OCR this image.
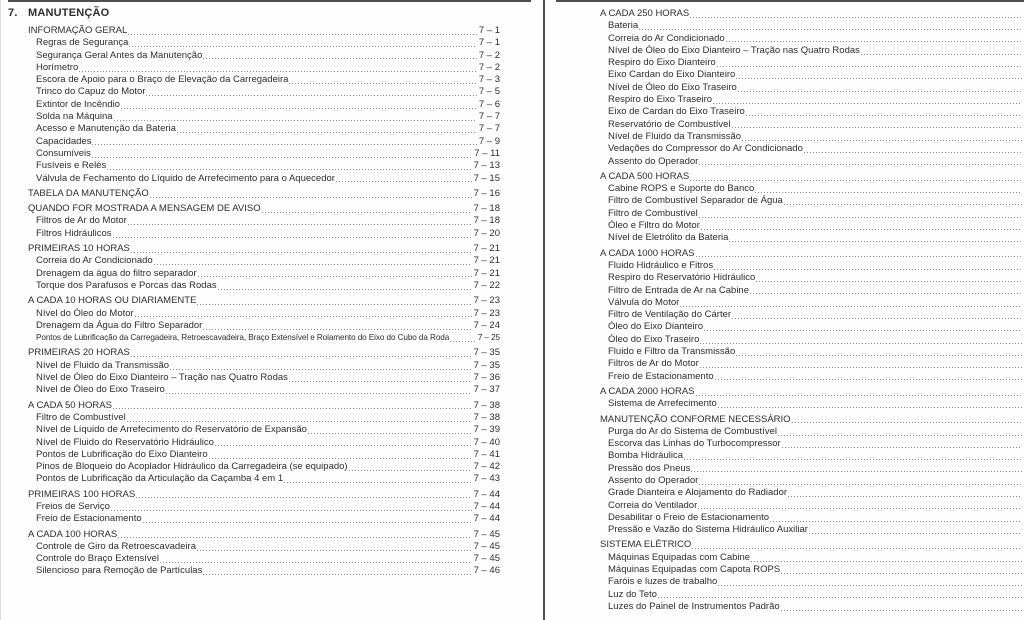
7. MANUTENÇÃO
INFORMAÇÃO GERAL	7 – 1
Regras de Segurança	7 – 1
Segurança Geral Antes da Manutenção	7 – 2
Horímetro	7 – 2
Escora de Apoio para o Braço de Elevação da Carregadeira	7 – 3
Trinco do Capuz do Motor	7 – 5
Extintor de Incêndio	7 – 6
Solda na Máquina	7 – 7
Acesso e Manutenção da Bateria	7 – 7
Capacidades	7 – 9
Consumíveis	7 – 11
Fusíveis e Relés	7 – 13
Válvula de Fechamento do Líquido de Arrefecimento para o Aquecedor	7 – 15
TABELA DA MANUTENÇÃO	7 – 16
QUANDO FOR MOSTRADA A MENSAGEM DE AVISO	7 – 18
Filtros de Ar do Motor	7 – 18
Filtros Hidráulicos	7 – 20
PRIMEIRAS 10 HORAS	7 – 21
Correia do Ar Condicionado	7 – 21
Drenagem da água do filtro separador	7 – 21
Torque dos Parafusos e Porcas das Rodas	7 – 22
A CADA 10 HORAS OU DIARIAMENTE	7 – 23
Nível do Óleo do Motor	7 – 23
Drenagem da Água do Filtro Separador	7 – 24
Pontos de Lubrificação da Carregadeira, Retroescavadeira, Braço Extensível e Rolamento do Eixo do Cubo da Roda	7 – 25
PRIMEIRAS 20 HORAS	7 – 35
Nível de Fluido da Transmissão	7 – 35
Nível de Óleo do Eixo Dianteiro – Tração nas Quatro Rodas	7 – 36
Nível de Óleo do Eixo Traseiro	7 – 37
A CADA 50 HORAS	7 – 38
Filtro de Combustível	7 – 38
Nível de Líquido de Arrefecimento do Reservatório de Expansão	7 – 39
Nível de Fluido do Reservatório Hidráulico	7 – 40
Pontos de Lubrificação do Eixo Dianteiro	7 – 41
Pinos de Bloqueio do Acoplador Hidráulico da Carregadeira (se equipado)	7 – 42
Pontos de Lubrificação da Articulação da Caçamba 4 em 1	7 – 43
PRIMEIRAS 100 HORAS	7 – 44
Freios de Serviço	7 – 44
Freio de Estacionamento	7 – 44
A CADA 100 HORAS	7 – 45
Controle de Giro da Retroescavadeira	7 – 45
Controle do Braço Extensível	7 – 45
Silencioso para Remoção de Partículas	7 – 46
A CADA 250 HORAS
Bateria
Correia do Ar Condicionado
Nível de Óleo do Eixo Dianteiro – Tração nas Quatro Rodas
Respiro do Eixo Dianteiro
Eixo Cardan do Eixo Dianteiro
Nível de Óleo do Eixo Traseiro
Respiro do Eixo Traseiro
Eixo de Cardan do Eixo Traseiro
Reservatório de Combustível
Nível de Fluido da Transmissão
Vedações do Compressor do Ar Condicionado
Assento do Operador
A CADA 500 HORAS
Cabine ROPS e Suporte do Banco
Filtro de Combustível Separador de Água
Filtro de Combustível
Óleo e Filtro do Motor
Nível de Eletrólito da Bateria
A CADA 1000 HORAS
Fluido Hidráulico e Fitros
Respiro do Reservatório Hidráulico
Filtro de Entrada de Ar na Cabine
Válvula do Motor
Filtro de Ventilação do Cárter
Óleo do Eixo Dianteiro
Óleo do Eixo Traseiro
Fluido e Filtro da Transmissão
Filtros de Ar do Motor
Freio de Estacionamento
A CADA 2000 HORAS
Sistema de Arrefecimento
MANUTENÇÃO CONFORME NECESSÁRIO
Purga do Ar do Sistema de Combustível
Escorva das Linhas do Turbocompressor
Bomba Hidráulica
Pressão dos Pneus
Assento do Operador
Grade Dianteira e Alojamento do Radiador
Correia do Ventilador
Desabilitar o Freio de Estacionamento
Pressão e Vazão do Sistema Hidráulico Auxiliar
SISTEMA ELÉTRICO
Máquinas Equipadas com Cabine
Máquinas Equipadas com Capota ROPS
Faróis e luzes de trabalho
Luz do Teto
Luzes do Painel de Instrumentos Padrão
